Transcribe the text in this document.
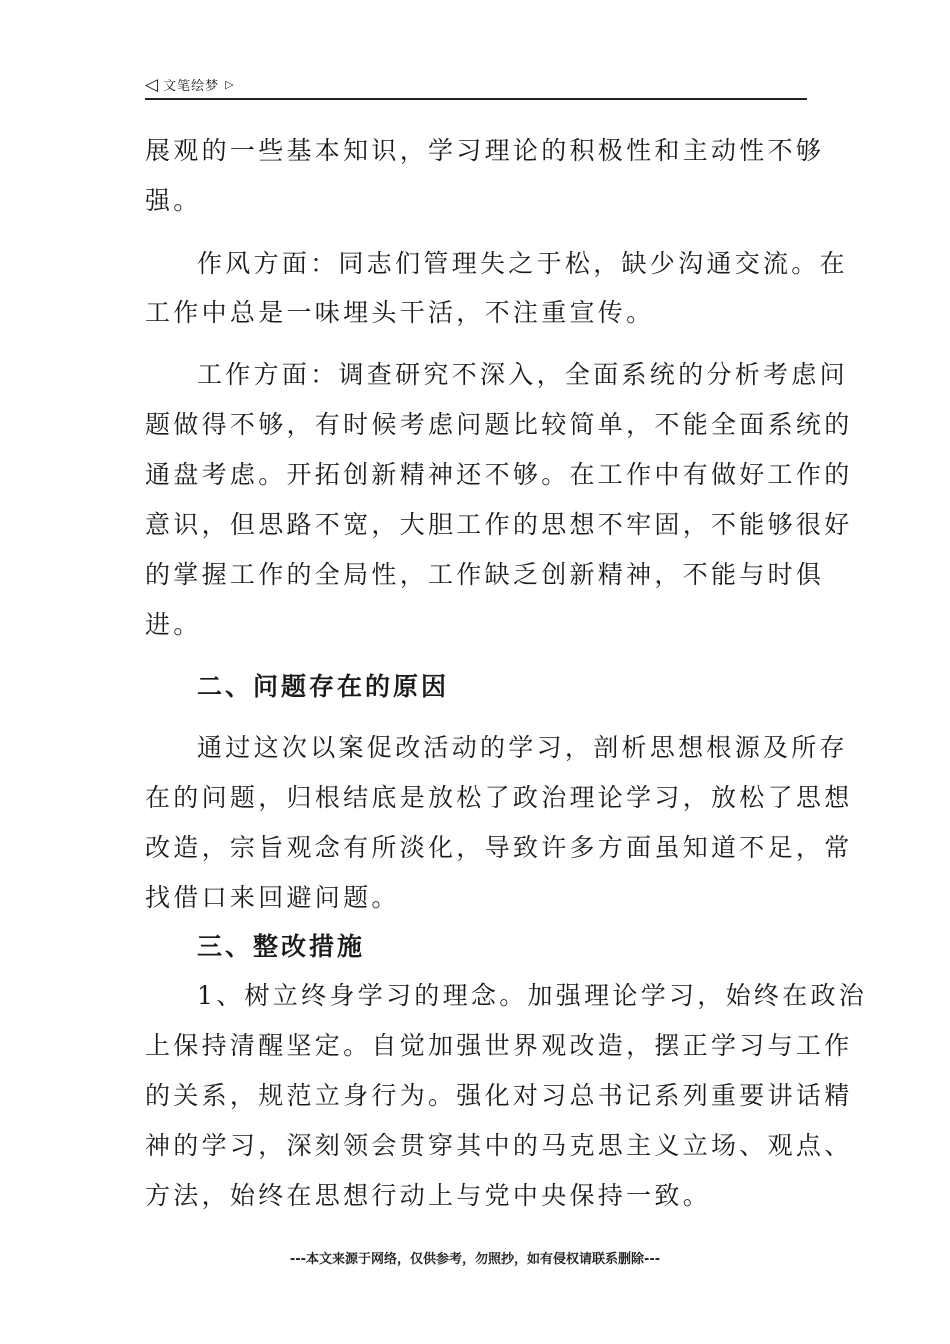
◁ 文笔绘梦 ▷
展观的一些基本知识，学习理论的积极性和主动性不够
强。
作风方面：同志们管理失之于松，缺少沟通交流。在
工作中总是一味埋头干活，不注重宣传。
工作方面：调查研究不深入，全面系统的分析考虑问
题做得不够，有时候考虑问题比较简单，不能全面系统的
通盘考虑。开拓创新精神还不够。在工作中有做好工作的
意识，但思路不宽，大胆工作的思想不牢固，不能够很好
的掌握工作的全局性，工作缺乏创新精神，不能与时俱
进。
二、问题存在的原因
通过这次以案促改活动的学习，剖析思想根源及所存
在的问题，归根结底是放松了政治理论学习，放松了思想
改造，宗旨观念有所淡化，导致许多方面虽知道不足，常
找借口来回避问题。
三、整改措施
1、树立终身学习的理念。加强理论学习，始终在政治
上保持清醒坚定。自觉加强世界观改造，摆正学习与工作
的关系，规范立身行为。强化对习总书记系列重要讲话精
神的学习，深刻领会贯穿其中的马克思主义立场、观点、
方法，始终在思想行动上与党中央保持一致。
---本文来源于网络，仅供参考，勿照抄，如有侵权请联系删除---
